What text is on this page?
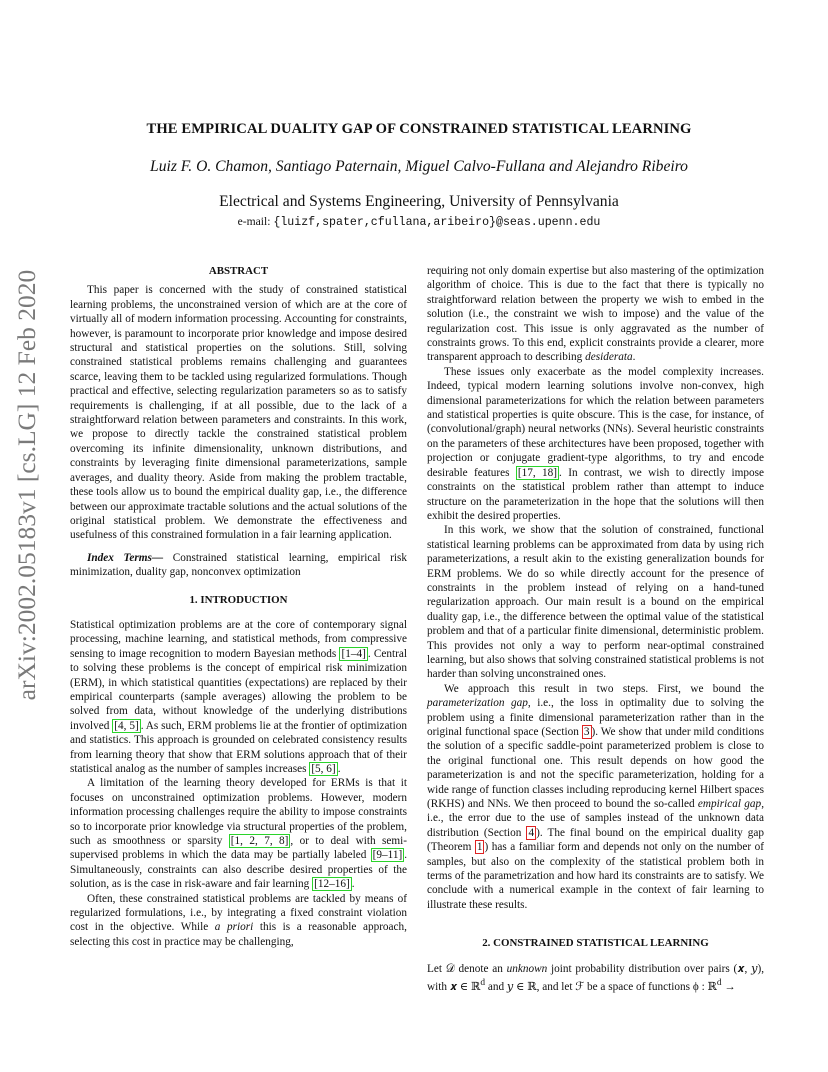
arXiv:2002.05183v1 [cs.LG] 12 Feb 2020
THE EMPIRICAL DUALITY GAP OF CONSTRAINED STATISTICAL LEARNING
Luiz F. O. Chamon, Santiago Paternain, Miguel Calvo-Fullana and Alejandro Ribeiro
Electrical and Systems Engineering, University of Pennsylvania
e-mail: {luizf,spater,cfullana,aribeiro}@seas.upenn.edu
ABSTRACT

This paper is concerned with the study of constrained statistical learning problems, the unconstrained version of which are at the core of virtually all of modern information processing. Accounting for constraints, however, is paramount to incorporate prior knowledge and impose desired structural and statistical properties on the solutions. Still, solving constrained statistical problems remains challenging and guarantees scarce, leaving them to be tackled using regularized formulations. Though practical and effective, selecting regularization parameters so as to satisfy requirements is challenging, if at all possible, due to the lack of a straightforward relation between parameters and constraints. In this work, we propose to directly tackle the constrained statistical problem overcoming its infinite dimensionality, unknown distributions, and constraints by leveraging finite dimensional parameterizations, sample averages, and duality theory. Aside from making the problem tractable, these tools allow us to bound the empirical duality gap, i.e., the difference between our approximate tractable solutions and the actual solutions of the original statistical problem. We demonstrate the effectiveness and usefulness of this constrained formulation in a fair learning application.

Index Terms— Constrained statistical learning, empirical risk minimization, duality gap, nonconvex optimization

1. INTRODUCTION

Statistical optimization problems are at the core of contemporary signal processing, machine learning, and statistical methods, from compressive sensing to image recognition to modern Bayesian methods [1–4] . Central to solving these problems is the concept of empirical risk minimization (ERM), in which statistical quantities (expectations) are replaced by their empirical counterparts (sample averages) allowing the problem to be solved from data, without knowledge of the underlying distributions involved [4, 5] . As such, ERM problems lie at the frontier of optimization and statistics. This approach is grounded on celebrated consistency results from learning theory that show that ERM solutions approach that of their statistical analog as the number of samples increases [5, 6] .

A limitation of the learning theory developed for ERMs is that it focuses on unconstrained optimization problems. However, modern information processing challenges require the ability to impose constraints so to incorporate prior knowledge via structural properties of the problem, such as smoothness or sparsity [1, 2, 7, 8] , or to deal with semi-supervised problems in which the data may be partially labeled [9–11] . Simultaneously, constraints can also describe desired properties of the solution, as is the case in risk-aware and fair learning [12–16] .

Often, these constrained statistical problems are tackled by means of regularized formulations, i.e., by integrating a fixed constraint violation cost in the objective. While a priori this is a reasonable approach, selecting this cost in practice may be challenging,

requiring not only domain expertise but also mastering of the optimization algorithm of choice. This is due to the fact that there is typically no straightforward relation between the property we wish to embed in the solution (i.e., the constraint we wish to impose) and the value of the regularization cost. This issue is only aggravated as the number of constraints grows. To this end, explicit constraints provide a clearer, more transparent approach to describing desiderata.

These issues only exacerbate as the model complexity increases. Indeed, typical modern learning solutions involve non-convex, high dimensional parameterizations for which the relation between parameters and statistical properties is quite obscure. This is the case, for instance, of (convolutional/graph) neural networks (NNs). Several heuristic constraints on the parameters of these architectures have been proposed, together with projection or conjugate gradient-type algorithms, to try and encode desirable features [17, 18] . In contrast, we wish to directly impose constraints on the statistical problem rather than attempt to induce structure on the parameterization in the hope that the solutions will then exhibit the desired properties.

In this work, we show that the solution of constrained, functional statistical learning problems can be approximated from data by using rich parameterizations, a result akin to the existing generalization bounds for ERM problems. We do so while directly account for the presence of constraints in the problem instead of relying on a hand-tuned regularization approach. Our main result is a bound on the empirical duality gap, i.e., the difference between the optimal value of the statistical problem and that of a particular finite dimensional, deterministic problem. This provides not only a way to perform near-optimal constrained learning, but also shows that solving constrained statistical problems is not harder than solving unconstrained ones.

We approach this result in two steps. First, we bound the parameterization gap, i.e., the loss in optimality due to solving the problem using a finite dimensional parameterization rather than in the original functional space (Section 3 ). We show that under mild conditions the solution of a specific saddle-point parameterized problem is close to the original functional one. This result depends on how good the parameterization is and not the specific parameterization, holding for a wide range of function classes including reproducing kernel Hilbert spaces (RKHS) and NNs. We then proceed to bound the so-called empirical gap, i.e., the error due to the use of samples instead of the unknown data distribution (Section 4 ). The final bound on the empirical duality gap (Theorem 1 ) has a familiar form and depends not only on the number of samples, but also on the complexity of the statistical problem both in terms of the parametrization and how hard its constraints are to satisfy. We conclude with a numerical example in the context of fair learning to illustrate these results.

2. CONSTRAINED STATISTICAL LEARNING

Let 𝒟 denote an unknown joint probability distribution over pairs (𝒙, 𝑦), with 𝒙 ∈ ℝ$^d$ and 𝑦 ∈ ℝ, and let ℱ be a space of functions ϕ : ℝ$^d$ →
